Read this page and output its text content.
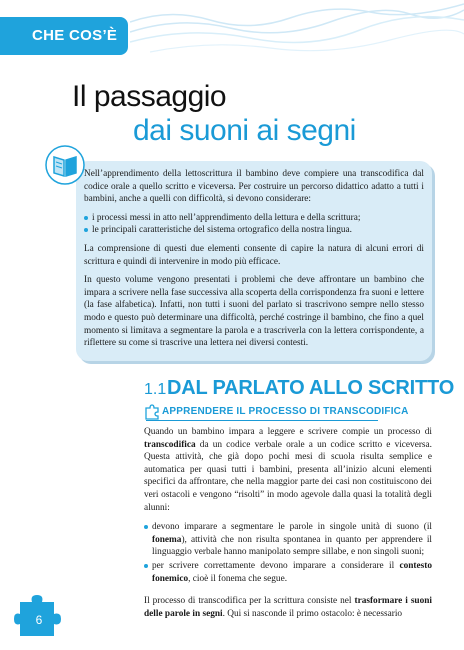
CHE COS’È
Il passaggio
dai suoni ai segni

Nell’apprendimento della lettoscrittura il bambino deve compiere una transcodifica dal codice orale a quello scritto e viceversa. Per costruire un percorso didattico adatto a tutti i bambini, anche a quelli con difficoltà, si devono considerare:

i processi messi in atto nell’apprendimento della lettura e della scrittura;
le principali caratteristiche del sistema ortografico della nostra lingua.

La comprensione di questi due elementi consente di capire la natura di alcuni errori di scrittura e quindi di intervenire in modo più efficace.

In questo volume vengono presentati i problemi che deve affrontare un bambino che impara a scrivere nella fase successiva alla scoperta della corrispondenza fra suoni e lettere (la fase alfabetica). Infatti, non tutti i suoni del parlato si trascrivono sempre nello stesso modo e questo può determinare una difficoltà, perché costringe il bambino, che fino a quel momento si limitava a segmentare la parola e a trascriverla con la lettera corrispondente, a riflettere su come si trascrive una lettera nei diversi contesti.

1.1 DAL PARLATO ALLO SCRITTO
APPRENDERE IL PROCESSO DI TRANSCODIFICA

Quando un bambino impara a leggere e scrivere compie un processo di transcodifica da un codice verbale orale a un codice scritto e viceversa. Questa attività, che già dopo pochi mesi di scuola risulta semplice e automatica per quasi tutti i bambini, presenta all’inizio alcuni elementi specifici da affrontare, che nella maggior parte dei casi non costituiscono dei veri ostacoli e vengono “risolti” in modo agevole dalla quasi la totalità degli alunni:

devono imparare a segmentare le parole in singole unità di suono (il fonema), attività che non risulta spontanea in quanto per apprendere il linguaggio verbale hanno manipolato sempre sillabe, e non singoli suoni;
per scrivere correttamente devono imparare a considerare il contesto fonemico, cioè il fonema che segue.

Il processo di transcodifica per la scrittura consiste nel trasformare i suoni delle parole in segni. Qui si nasconde il primo ostacolo: è necessario

6
